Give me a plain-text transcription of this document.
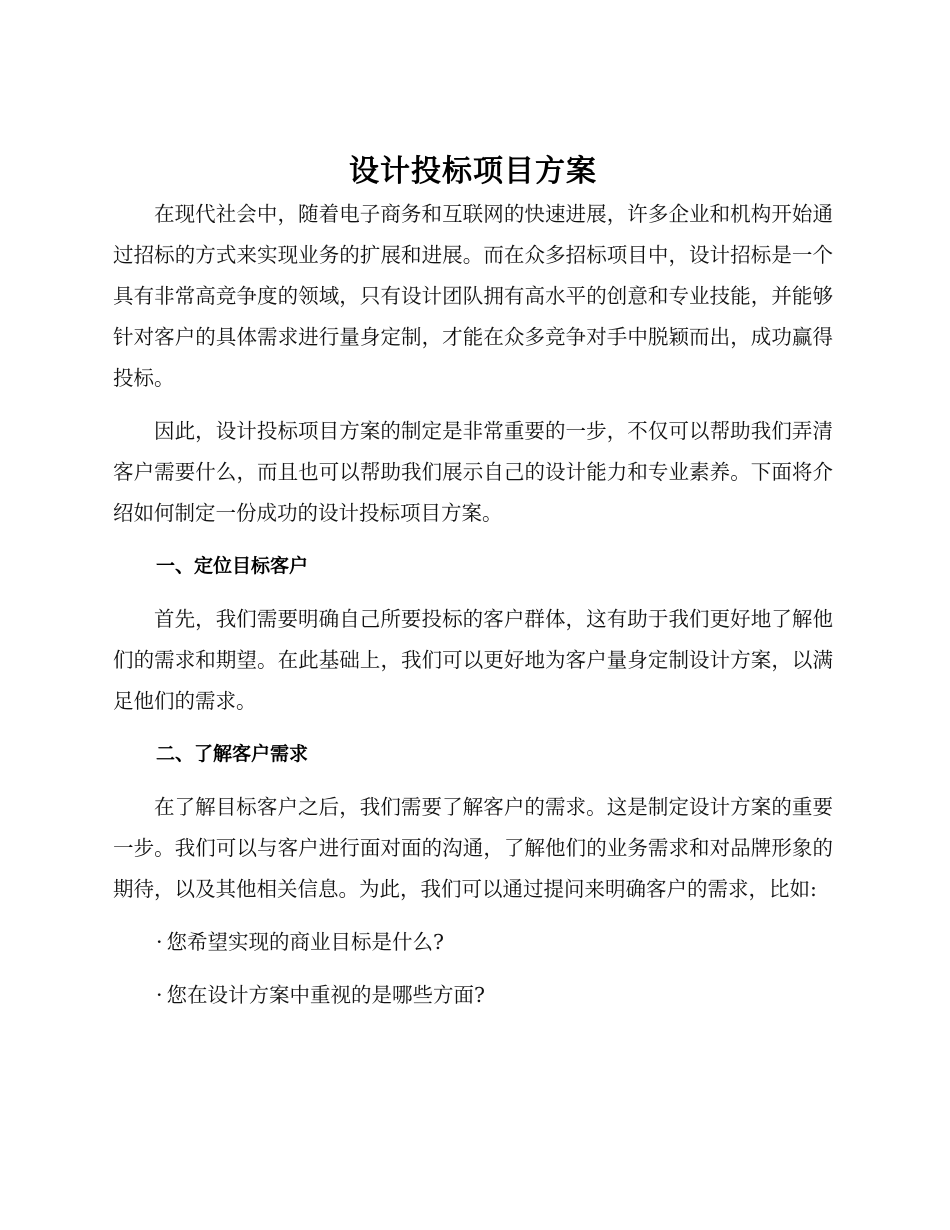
设计投标项目方案

在现代社会中，随着电子商务和互联网的快速进展，许多企业和机构开始通过招标的方式来实现业务的扩展和进展。而在众多招标项目中，设计招标是一个具有非常高竞争度的领域，只有设计团队拥有高水平的创意和专业技能，并能够针对客户的具体需求进行量身定制，才能在众多竞争对手中脱颖而出，成功赢得投标。

因此，设计投标项目方案的制定是非常重要的一步，不仅可以帮助我们弄清客户需要什么，而且也可以帮助我们展示自己的设计能力和专业素养。下面将介绍如何制定一份成功的设计投标项目方案。

一、定位目标客户

首先，我们需要明确自己所要投标的客户群体，这有助于我们更好地了解他们的需求和期望。在此基础上，我们可以更好地为客户量身定制设计方案，以满足他们的需求。

二、了解客户需求

在了解目标客户之后，我们需要了解客户的需求。这是制定设计方案的重要一步。我们可以与客户进行面对面的沟通，了解他们的业务需求和对品牌形象的期待，以及其他相关信息。为此，我们可以通过提问来明确客户的需求，比如:

· 您希望实现的商业目标是什么?

· 您在设计方案中重视的是哪些方面?
